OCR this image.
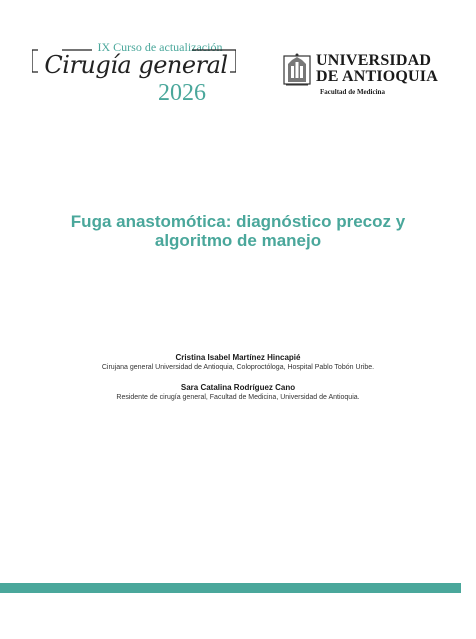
IX Curso de actualización
Cirugía general
2026
UNIVERSIDAD
DE ANTIOQUIA
Facultad de Medicina
Fuga anastomótica: diagnóstico precoz y
algoritmo de manejo
Cristina Isabel Martínez Hincapié
Cirujana general Universidad de Antioquia, Coloproctóloga, Hospital Pablo Tobón Uribe.
Sara Catalina Rodríguez Cano
Residente de cirugía general, Facultad de Medicina, Universidad de Antioquia.
